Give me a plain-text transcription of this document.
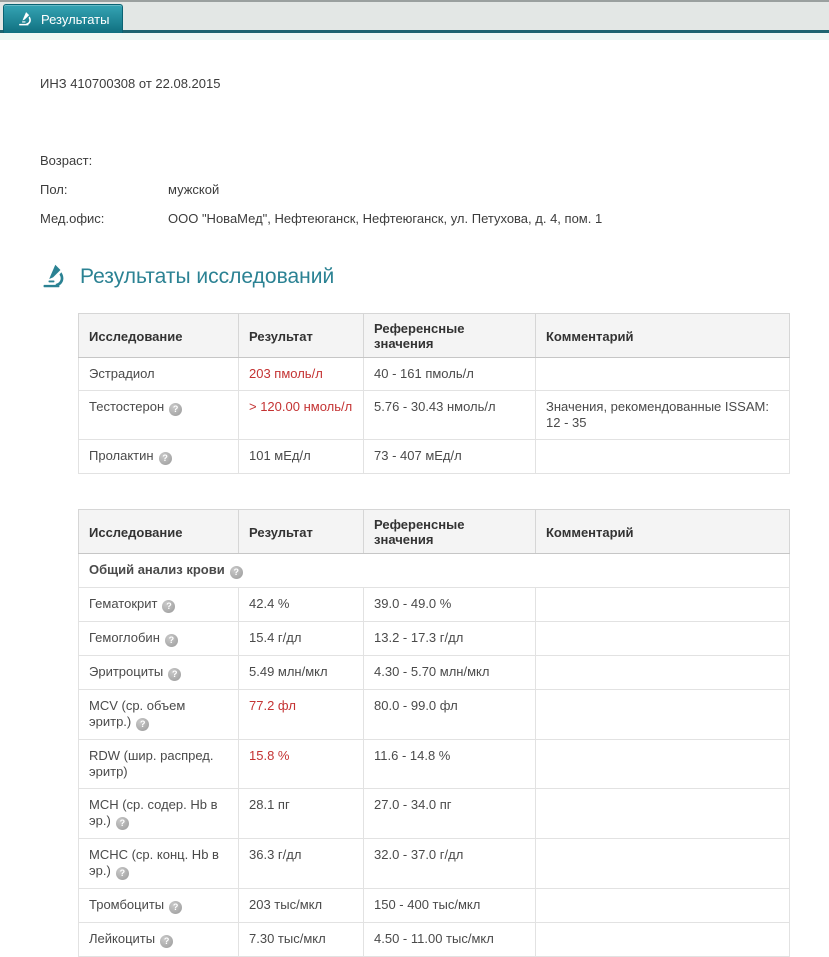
Результаты
ИНЗ 410700308 от 22.08.2015
Возраст:
Пол:	мужской
Мед.офис:	ООО "НоваМед", Нефтеюганск, Нефтеюганск, ул. Петухова, д. 4, пом. 1
Результаты исследований
Исследование	Результат	Референсные значения	Комментарий
Эстрадиол	203 пмоль/л	40 - 161 пмоль/л	
Тестостерон ?	> 120.00 нмоль/л	5.76 - 30.43 нмоль/л	Значения, рекомендованные ISSAM: 12 - 35
Пролактин ?	101 мЕд/л	73 - 407 мЕд/л	
Исследование	Результат	Референсные значения	Комментарий
Общий анализ крови ?			
Гематокрит ?	42.4 %	39.0 - 49.0 %	
Гемоглобин ?	15.4 г/дл	13.2 - 17.3 г/дл	
Эритроциты ?	5.49 млн/мкл	4.30 - 5.70 млн/мкл	
MCV (ср. объем эритр.) ?	77.2 фл	80.0 - 99.0 фл	
RDW (шир. распред. эритр)	15.8 %	11.6 - 14.8 %	
MCH (ср. содер. Hb в эр.) ?	28.1 пг	27.0 - 34.0 пг	
MCHC (ср. конц. Hb в эр.) ?	36.3 г/дл	32.0 - 37.0 г/дл	
Тромбоциты ?	203 тыс/мкл	150 - 400 тыс/мкл	
Лейкоциты ?	7.30 тыс/мкл	4.50 - 11.00 тыс/мкл	
